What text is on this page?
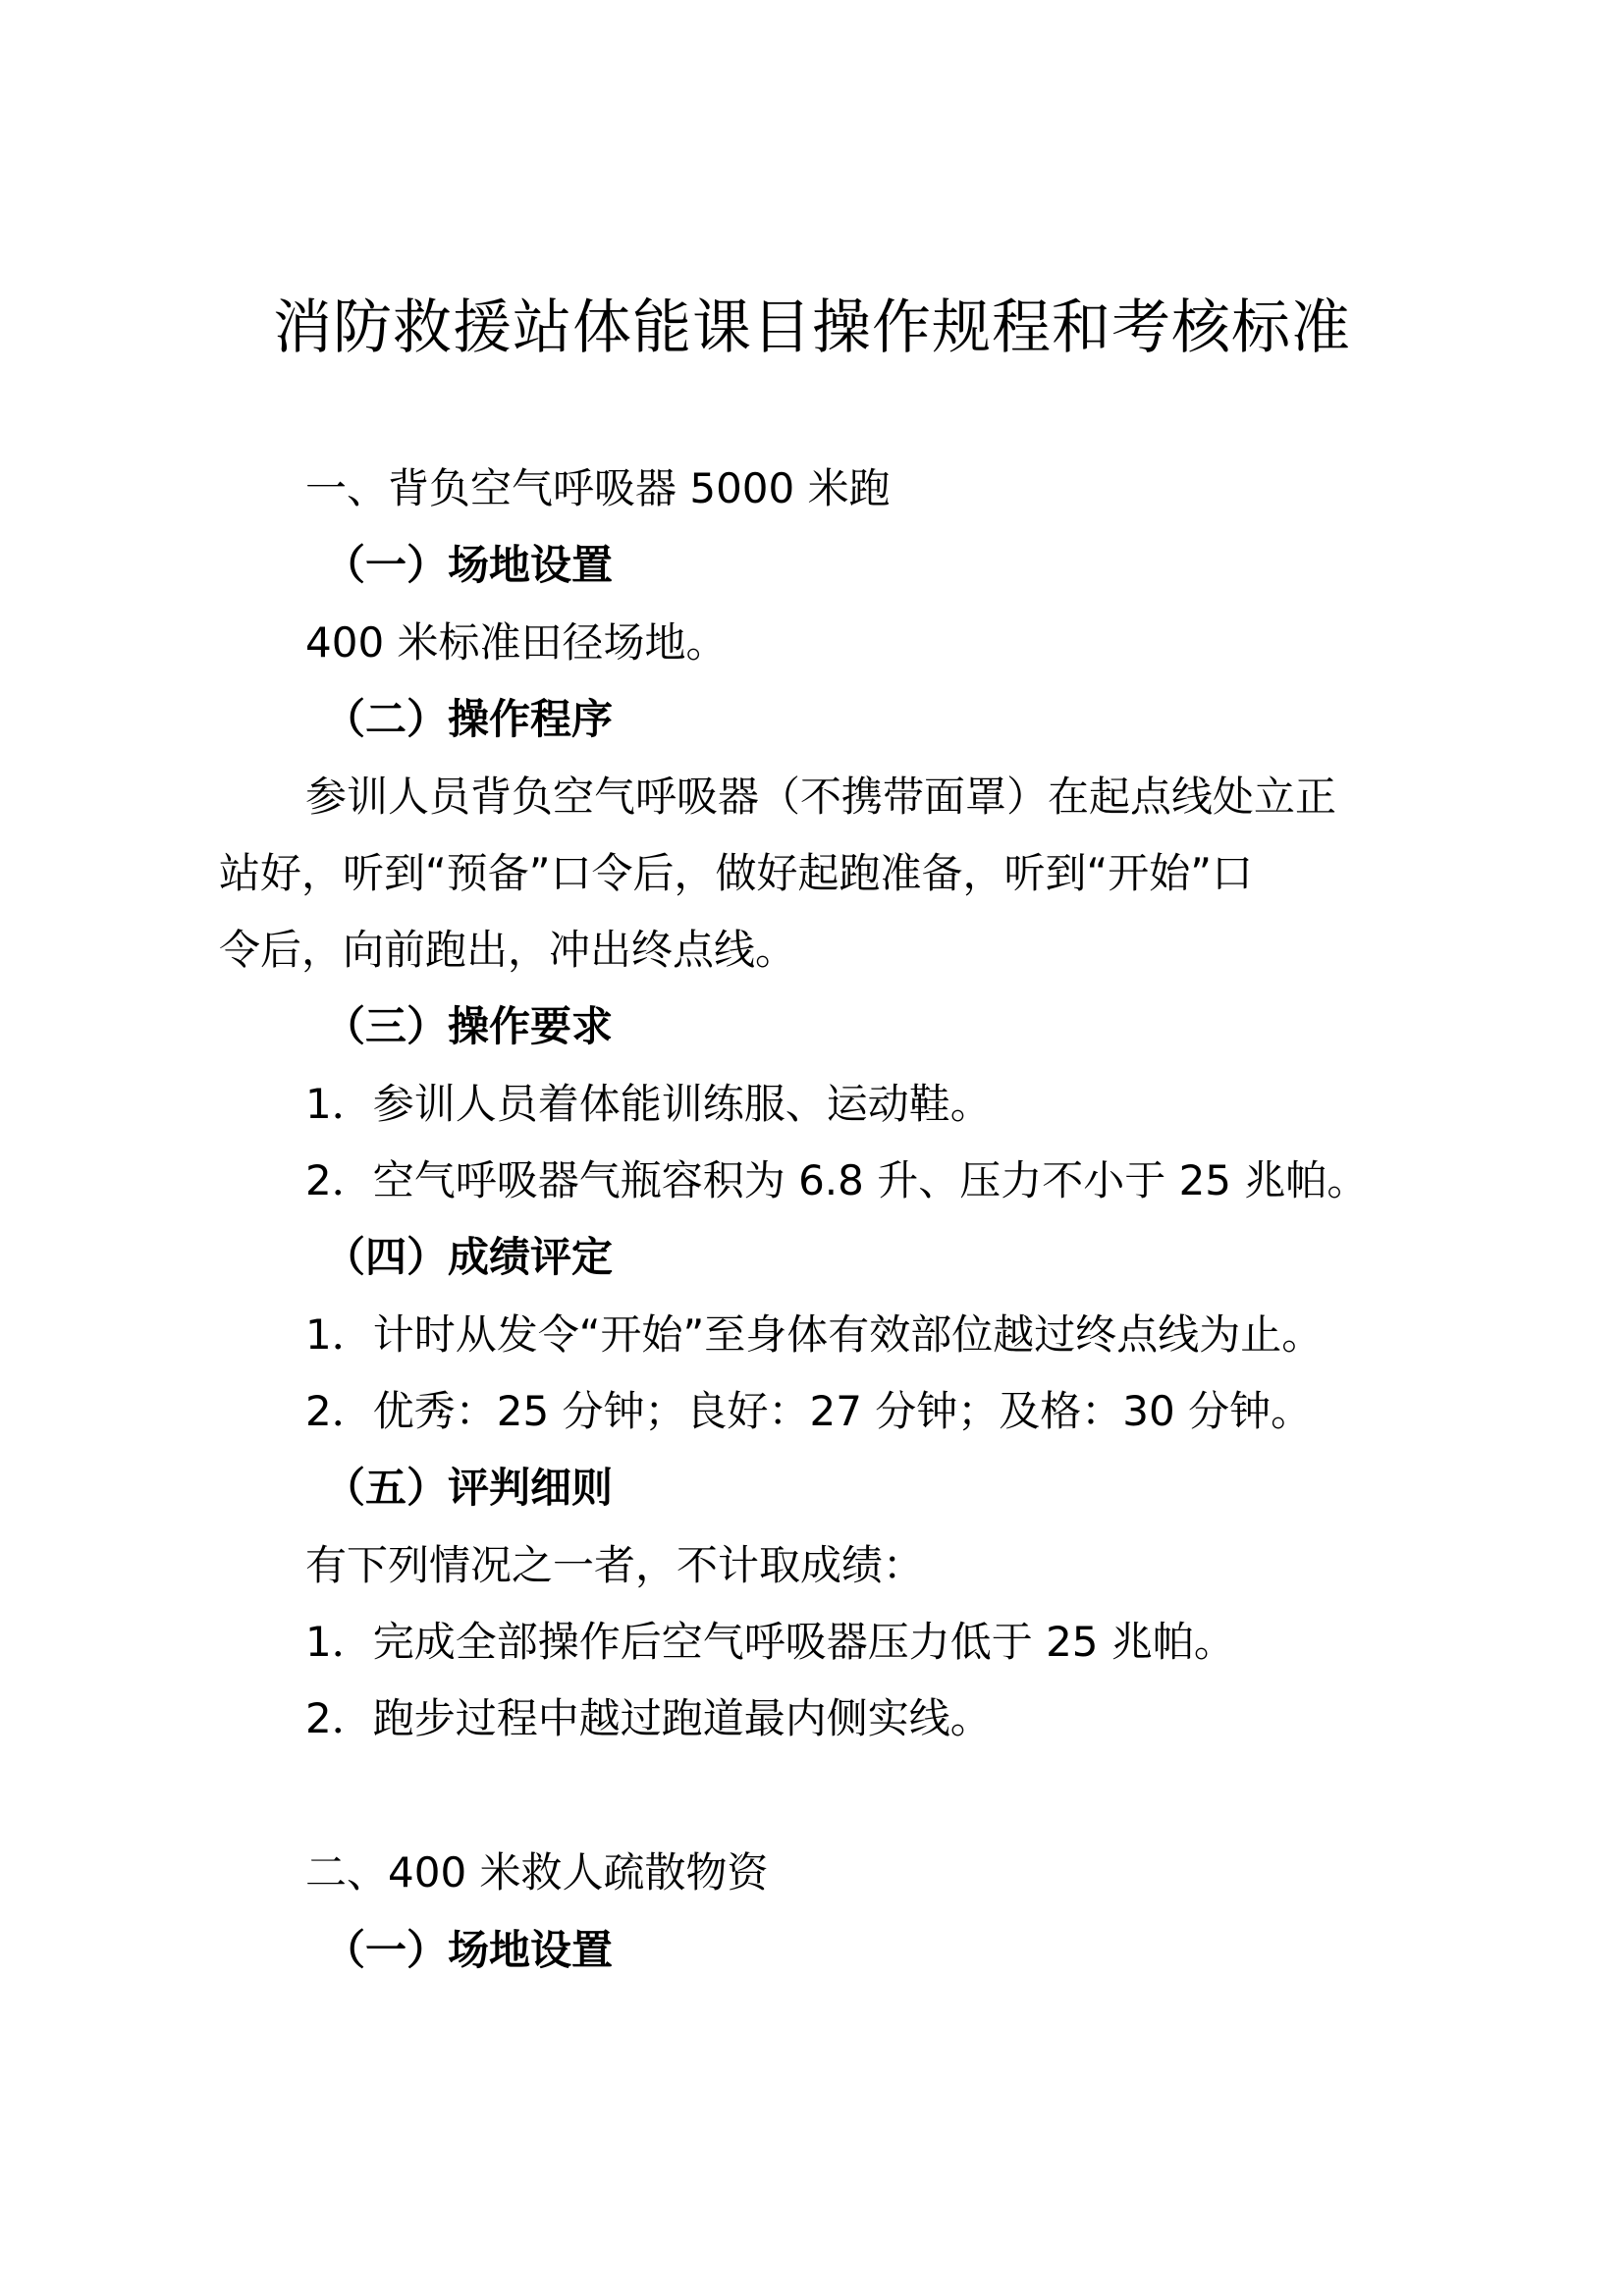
消防救援站体能课目操作规程和考核标准
一、背负空气呼吸器 5000 米跑
（一）场地设置
400 米标准田径场地。
（二）操作程序
参训人员背负空气呼吸器（不携带面罩）在起点线处立正
站好，听到“预备”口令后，做好起跑准备，听到“开始”口
令后，向前跑出，冲出终点线。
（三）操作要求
1．参训人员着体能训练服、运动鞋。
2．空气呼吸器气瓶容积为 6.8 升、压力不小于 25 兆帕。
（四）成绩评定
1．计时从发令“开始”至身体有效部位越过终点线为止。
2．优秀：25 分钟；良好：27 分钟；及格：30 分钟。
（五）评判细则
有下列情况之一者，不计取成绩：
1．完成全部操作后空气呼吸器压力低于 25 兆帕。
2．跑步过程中越过跑道最内侧实线。
二、400 米救人疏散物资
（一）场地设置
